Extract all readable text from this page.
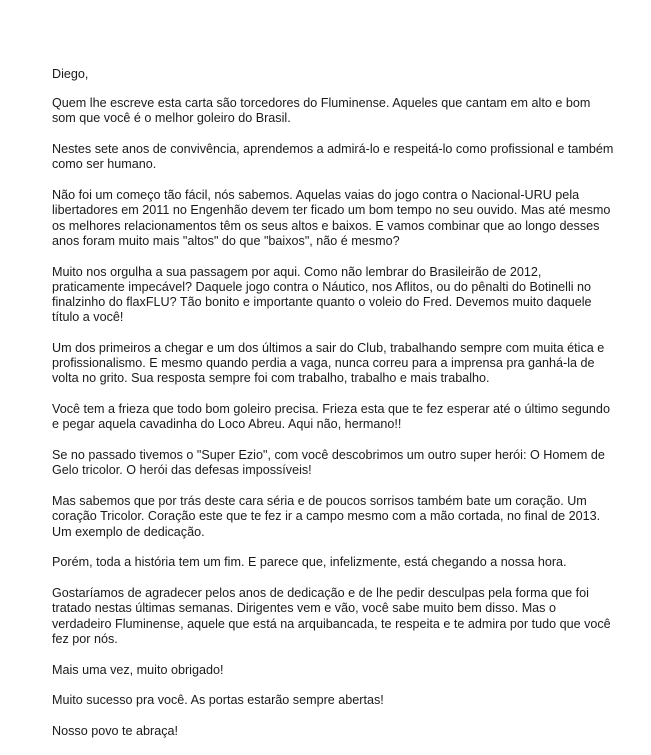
Diego,

Quem lhe escreve esta carta são torcedores do Fluminense. Aqueles que cantam em alto e bom
som que você é o melhor goleiro do Brasil.

Nestes sete anos de convivência, aprendemos a admirá-lo e respeitá-lo como profissional e também
como ser humano.

Não foi um começo tão fácil, nós sabemos. Aquelas vaias do jogo contra o Nacional-URU pela
libertadores em 2011 no Engenhão devem ter ficado um bom tempo no seu ouvido. Mas até mesmo
os melhores relacionamentos têm os seus altos e baixos. E vamos combinar que ao longo desses
anos foram muito mais "altos" do que "baixos", não é mesmo?

Muito nos orgulha a sua passagem por aqui. Como não lembrar do Brasileirão de 2012,
praticamente impecável? Daquele jogo contra o Náutico, nos Aflitos, ou do pênalti do Botinelli no
finalzinho do flaxFLU? Tão bonito e importante quanto o voleio do Fred. Devemos muito daquele
título a você!

Um dos primeiros a chegar e um dos últimos a sair do Club, trabalhando sempre com muita ética e
profissionalismo. E mesmo quando perdia a vaga, nunca correu para a imprensa pra ganhá-la de
volta no grito. Sua resposta sempre foi com trabalho, trabalho e mais trabalho.

Você tem a frieza que todo bom goleiro precisa. Frieza esta que te fez esperar até o último segundo
e pegar aquela cavadinha do Loco Abreu. Aqui não, hermano!!

Se no passado tivemos o "Super Ezio", com você descobrimos um outro super herói: O Homem de
Gelo tricolor. O herói das defesas impossíveis!

Mas sabemos que por trás deste cara séria e de poucos sorrisos também bate um coração. Um
coração Tricolor. Coração este que te fez ir a campo mesmo com a mão cortada, no final de 2013.
Um exemplo de dedicação.

Porém, toda a história tem um fim. E parece que, infelizmente, está chegando a nossa hora.

Gostaríamos de agradecer pelos anos de dedicação e de lhe pedir desculpas pela forma que foi
tratado nestas últimas semanas. Dirigentes vem e vão, você sabe muito bem disso. Mas o
verdadeiro Fluminense, aquele que está na arquibancada, te respeita e te admira por tudo que você
fez por nós.

Mais uma vez, muito obrigado!

Muito sucesso pra você. As portas estarão sempre abertas!

Nosso povo te abraça!
